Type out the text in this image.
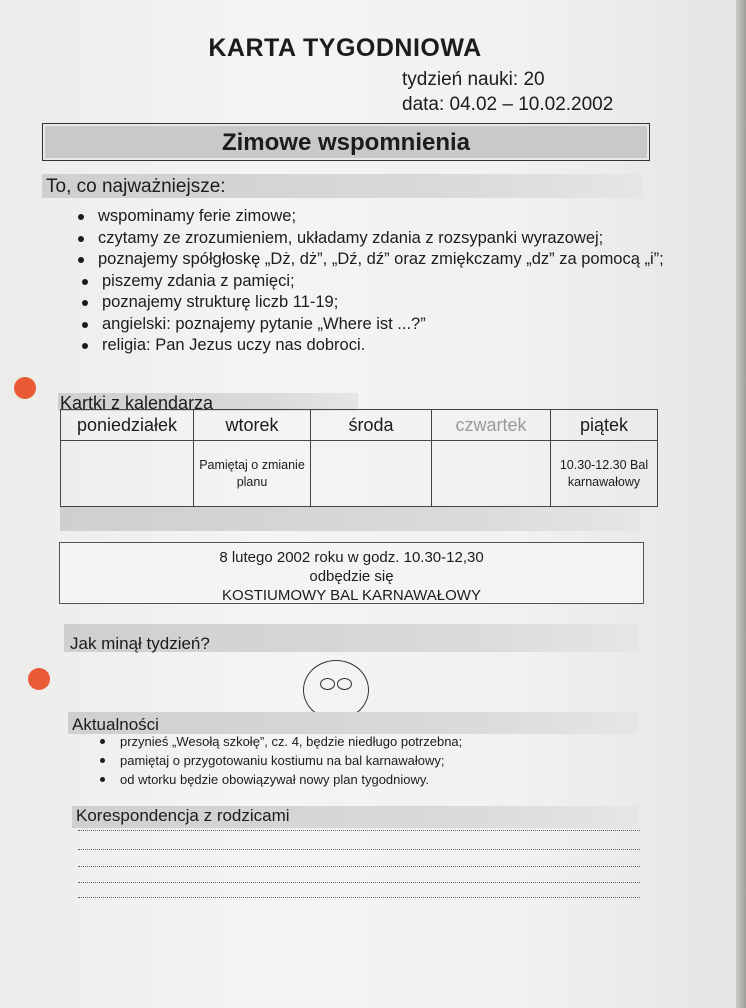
KARTA TYGODNIOWA
tydzień nauki: 20
data: 04.02 – 10.02.2002
Zimowe wspomnienia
To, co najważniejsze:
wspominamy ferie zimowe;
czytamy ze zrozumieniem, układamy zdania z rozsypanki wyrazowej;
poznajemy spółgłoskę „Dż, dż”, „Dź, dź” oraz zmiękczamy „dz” za pomocą „i”;
piszemy zdania z pamięci;
poznajemy strukturę liczb 11-19;
angielski: poznajemy pytanie „Where ist ...?”
religia: Pan Jezus uczy nas dobroci.
Kartki z kalendarza
poniedziałek	wtorek	środa	czwartek	piątek
	Pamiętaj o zmianie planu			10.30-12.30 Bal karnawałowy
8 lutego 2002 roku w godz. 10.30-12,30
odbędzie się
KOSTIUMOWY BAL KARNAWAŁOWY
Jak minął tydzień?
Aktualności
przynieś „Wesołą szkołę”, cz. 4, będzie niedługo potrzebna;
pamiętaj o przygotowaniu kostiumu na bal karnawałowy;
od wtorku będzie obowiązywał nowy plan tygodniowy.
Korespondencja z rodzicami
